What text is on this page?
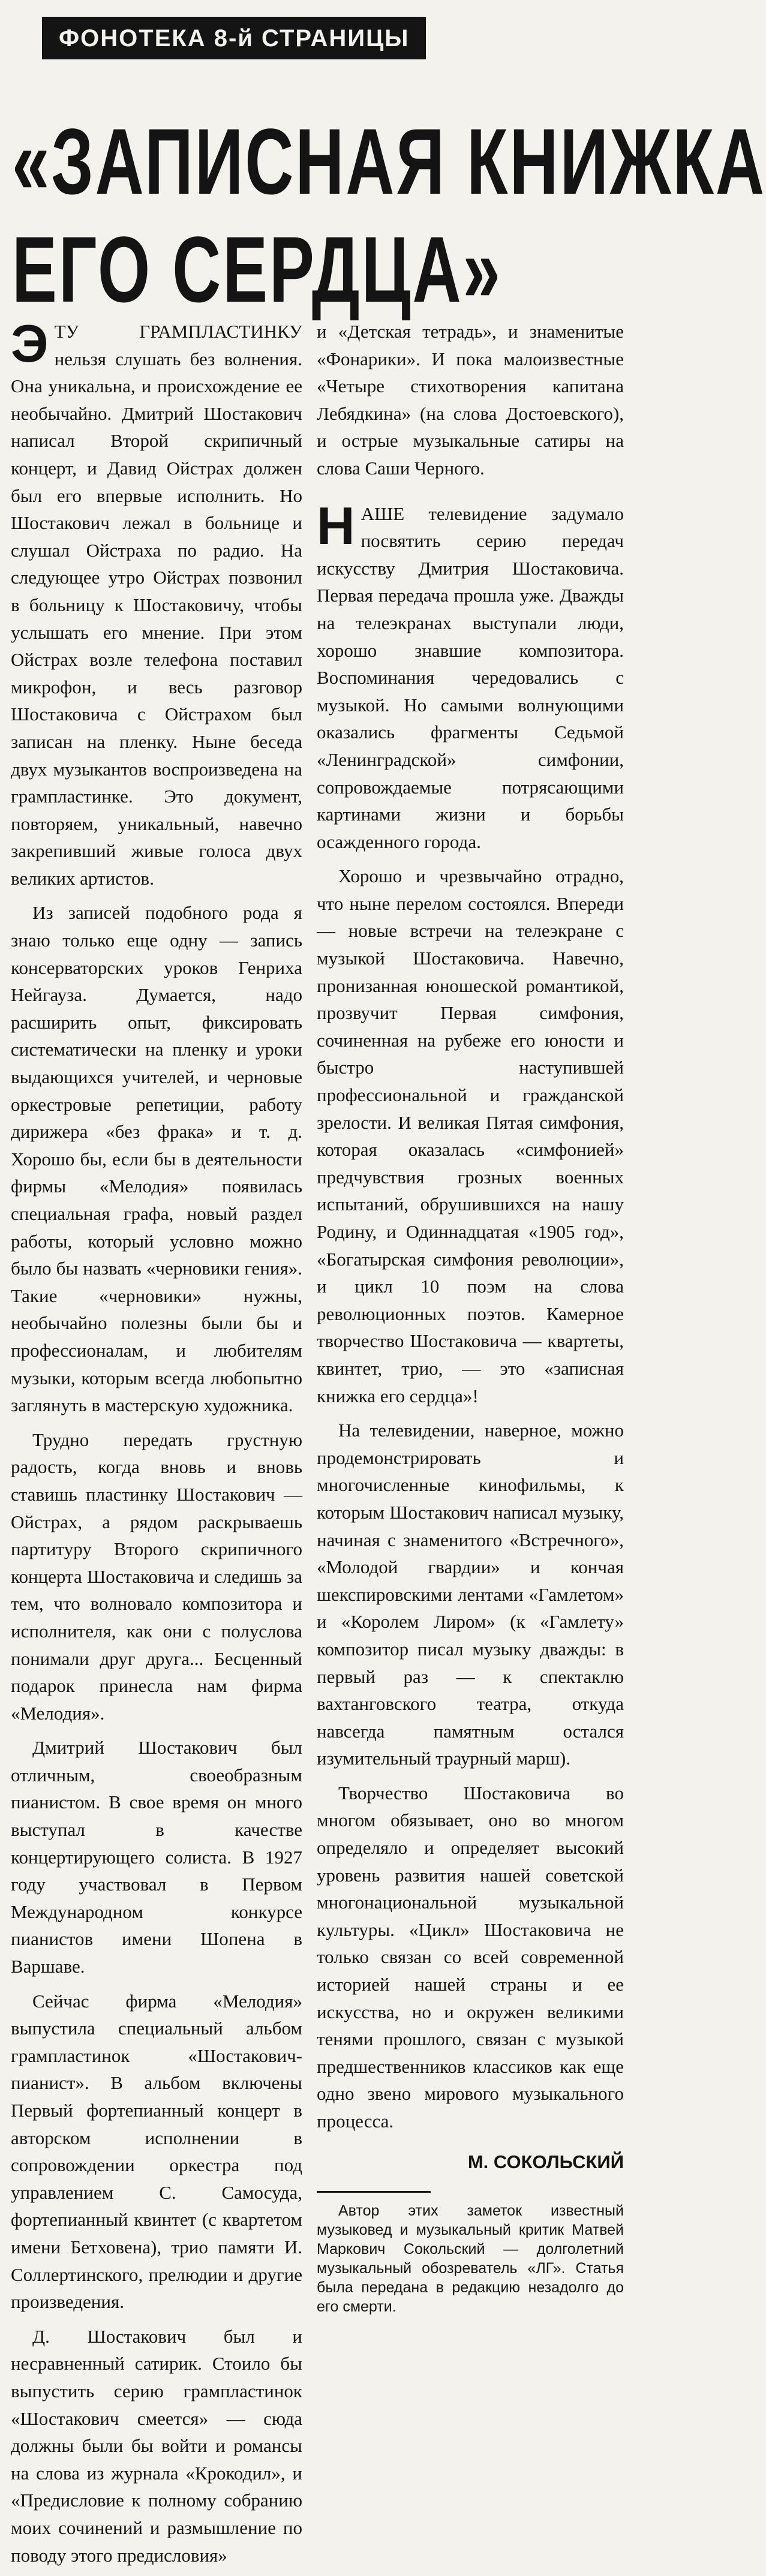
ФОНОТЕКА 8-й СТРАНИЦЫ
«ЗАПИСНАЯ КНИЖКА
ЕГО СЕРДЦА»

ЭТУ ГРАМПЛАСТИНКУ нельзя слушать без волнения. Она уникальна, и происхождение ее необычайно. Дмитрий Шостакович написал Второй скрипичный концерт, и Давид Ойстрах должен был его впервые исполнить. Но Шостакович лежал в больнице и слушал Ойстраха по радио. На следующее утро Ойстрах позвонил в больницу к Шостаковичу, чтобы услышать его мнение. При этом Ойстрах возле телефона поставил микрофон, и весь разговор Шостаковича с Ойстрахом был записан на пленку. Ныне беседа двух музыкантов воспроизведена на грампластинке. Это документ, повторяем, уникальный, навечно закрепивший живые голоса двух великих артистов.

Из записей подобного рода я знаю только еще одну — запись консерваторских уроков Генриха Нейгауза. Думается, надо расширить опыт, фиксировать систематически на пленку и уроки выдающихся учителей, и черновые оркестровые репетиции, работу дирижера «без фрака» и т. д. Хорошо бы, если бы в деятельности фирмы «Мелодия» появилась специальная графа, новый раздел работы, который условно можно было бы назвать «черновики гения». Такие «черновики» нужны, необычайно полезны были бы и профессионалам, и любителям музыки, которым всегда любопытно заглянуть в мастерскую художника.

Трудно передать грустную радость, когда вновь и вновь ставишь пластинку Шостакович — Ойстрах, а рядом раскрываешь партитуру Второго скрипичного концерта Шостаковича и следишь за тем, что волновало композитора и исполнителя, как они с полуслова понимали друг друга... Бесценный подарок принесла нам фирма «Мелодия».

Дмитрий Шостакович был отличным, своеобразным пианистом. В свое время он много выступал в качестве концертирующего солиста. В 1927 году участвовал в Первом Международном конкурсе пианистов имени Шопена в Варшаве.

Сейчас фирма «Мелодия» выпустила специальный альбом грампластинок «Шостакович-пианист». В альбом включены Первый фортепианный концерт в авторском исполнении в сопровождении оркестра под управлением С. Самосуда, фортепианный квинтет (с квартетом имени Бетховена), трио памяти И. Соллертинского, прелюдии и другие произведения.

Д. Шостакович был и несравненный сатирик. Стоило бы выпустить серию грампластинок «Шостакович смеется» — сюда должны были бы войти и романсы на слова из журнала «Крокодил», и «Предисловие к полному собранию моих сочинений и размышление по поводу этого предисловия»

и «Детская тетрадь», и знаменитые «Фонарики». И пока малоизвестные «Четыре стихотворения капитана Лебядкина» (на слова Достоевского), и острые музыкальные сатиры на слова Саши Черного.

НАШЕ телевидение задумало посвятить серию передач искусству Дмитрия Шостаковича. Первая передача прошла уже. Дважды на телеэкранах выступали люди, хорошо знавшие композитора. Воспоминания чередовались с музыкой. Но самыми волнующими оказались фрагменты Седьмой «Ленинградской» симфонии, сопровождаемые потрясающими картинами жизни и борьбы осажденного города.

Хорошо и чрезвычайно отрадно, что ныне перелом состоялся. Впереди — новые встречи на телеэкране с музыкой Шостаковича. Навечно, пронизанная юношеской романтикой, прозвучит Первая симфония, сочиненная на рубеже его юности и быстро наступившей профессиональной и гражданской зрелости. И великая Пятая симфония, которая оказалась «симфонией» предчувствия грозных военных испытаний, обрушившихся на нашу Родину, и Одиннадцатая «1905 год», «Богатырская симфония революции», и цикл 10 поэм на слова революционных поэтов. Камерное творчество Шостаковича — квартеты, квинтет, трио, — это «записная книжка его сердца»!

На телевидении, наверное, можно продемонстрировать и многочисленные кинофильмы, к которым Шостакович написал музыку, начиная с знаменитого «Встречного», «Молодой гвардии» и кончая шекспировскими лентами «Гамлетом» и «Королем Лиром» (к «Гамлету» композитор писал музыку дважды: в первый раз — к спектаклю вахтанговского театра, откуда навсегда памятным остался изумительный траурный марш).

Творчество Шостаковича во многом обязывает, оно во многом определяло и определяет высокий уровень развития нашей советской многонациональной музыкальной культуры. «Цикл» Шостаковича не только связан со всей современной историей нашей страны и ее искусства, но и окружен великими тенями прошлого, связан с музыкой предшественников классиков как еще одно звено мирового музыкального процесса.

М. СОКОЛЬСКИЙ

Автор этих заметок известный музыковед и музыкальный критик Матвей Маркович Сокольский — долголетний музыкальный обозреватель «ЛГ». Статья была передана в редакцию незадолго до его смерти.
